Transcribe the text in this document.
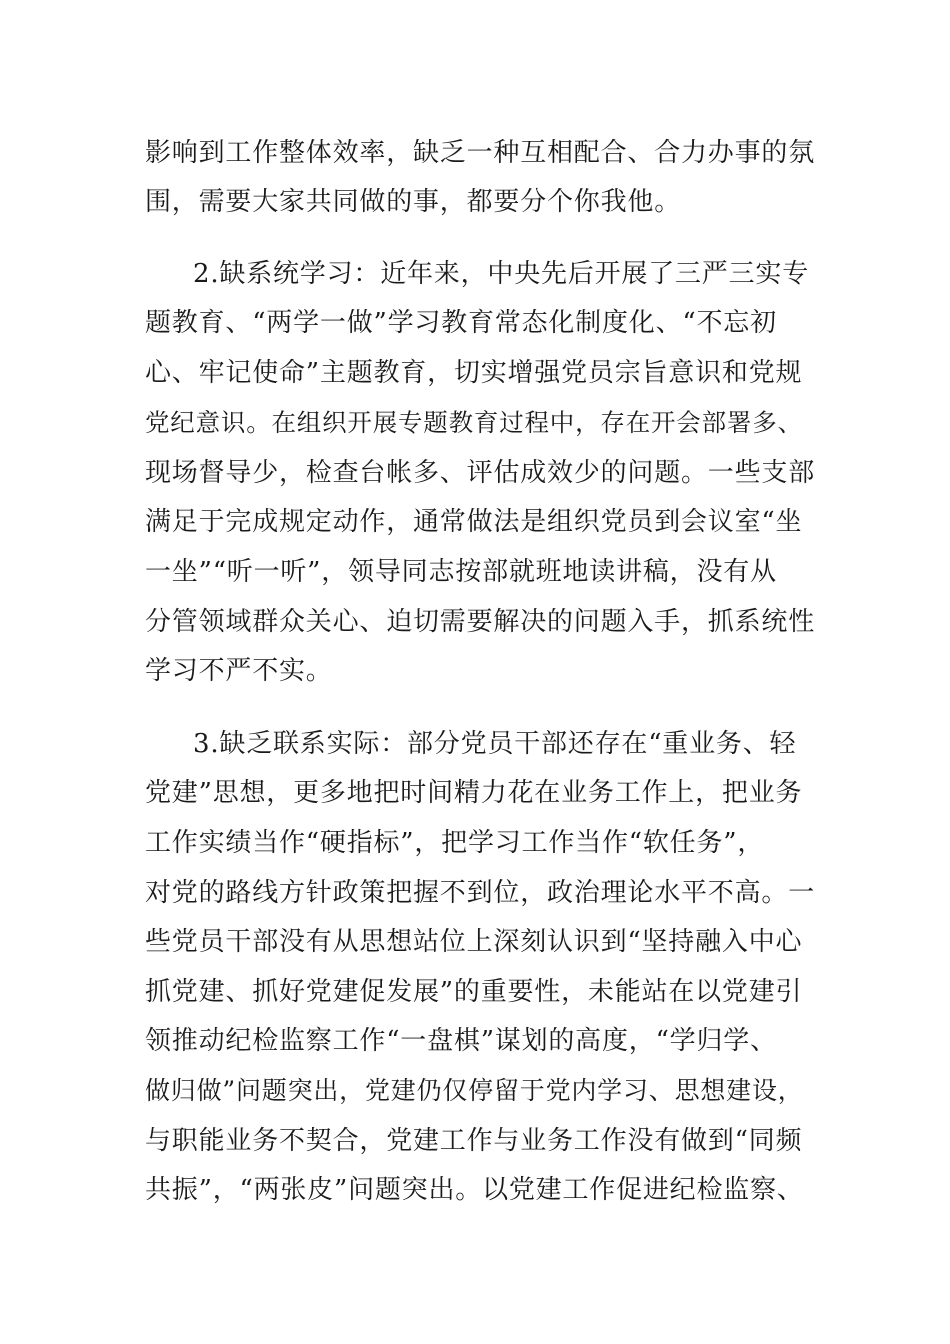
影响到工作整体效率，缺乏一种互相配合、合力办事的氛
围，需要大家共同做的事，都要分个你我他。
2.缺系统学习：近年来，中央先后开展了三严三实专
题教育、“两学一做”学习教育常态化制度化、“不忘初
心、牢记使命”主题教育，切实增强党员宗旨意识和党规
党纪意识。在组织开展专题教育过程中，存在开会部署多、
现场督导少，检查台帐多、评估成效少的问题。一些支部
满足于完成规定动作，通常做法是组织党员到会议室“坐
一坐”“听一听”，领导同志按部就班地读讲稿，没有从
分管领域群众关心、迫切需要解决的问题入手，抓系统性
学习不严不实。
3.缺乏联系实际：部分党员干部还存在“重业务、轻
党建”思想，更多地把时间精力花在业务工作上，把业务
工作实绩当作“硬指标”，把学习工作当作“软任务”，
对党的路线方针政策把握不到位，政治理论水平不高。一
些党员干部没有从思想站位上深刻认识到“坚持融入中心
抓党建、抓好党建促发展”的重要性，未能站在以党建引
领推动纪检监察工作“一盘棋”谋划的高度，“学归学、
做归做”问题突出，党建仍仅停留于党内学习、思想建设，
与职能业务不契合，党建工作与业务工作没有做到“同频
共振”，“两张皮”问题突出。以党建工作促进纪检监察、
